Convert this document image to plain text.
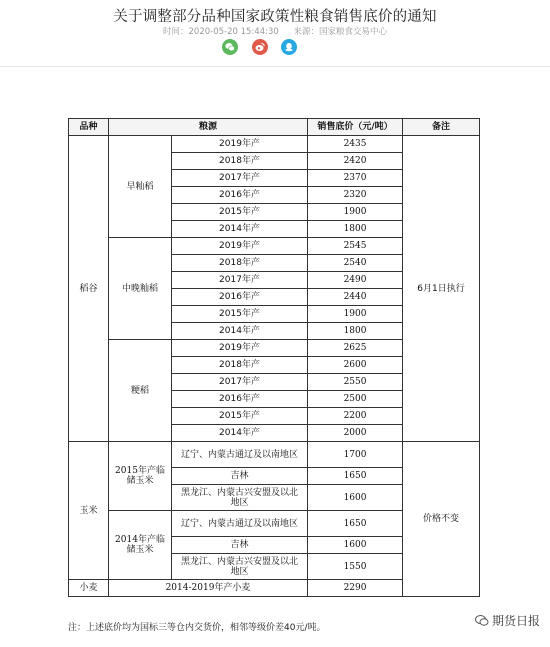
关于调整部分品种国家政策性粮食销售底价的通知
时间：2020-05-20 15:44:30 来源：国家粮食交易中心
品种	粮源		销售底价（元/吨）	备注
稻谷	早籼稻	2019年产	2435	6月1日执行
		2018年产	2420	
		2017年产	2370	
		2016年产	2320	
		2015年产	1900	
		2014年产	1800	
	中晚籼稻	2019年产	2545	
		2018年产	2540	
		2017年产	2490	
		2016年产	2440	
		2015年产	1900	
		2014年产	1800	
	粳稻	2019年产	2625	
		2018年产	2600	
		2017年产	2550	
		2016年产	2500	
		2015年产	2200	
		2014年产	2000	
玉米	2015年产临储玉米	辽宁、内蒙古通辽及以南地区	1700	价格不变
		吉林	1650	
		黑龙江、内蒙古兴安盟及以北地区	1600	
	2014年产临储玉米	辽宁、内蒙古通辽及以南地区	1650	
		吉林	1600	
		黑龙江、内蒙古兴安盟及以北地区	1550	
小麦	2014-2019年产小麦		2290	
注：上述底价均为国标三等仓内交货价，相邻等级价差40元/吨。	期货日报
